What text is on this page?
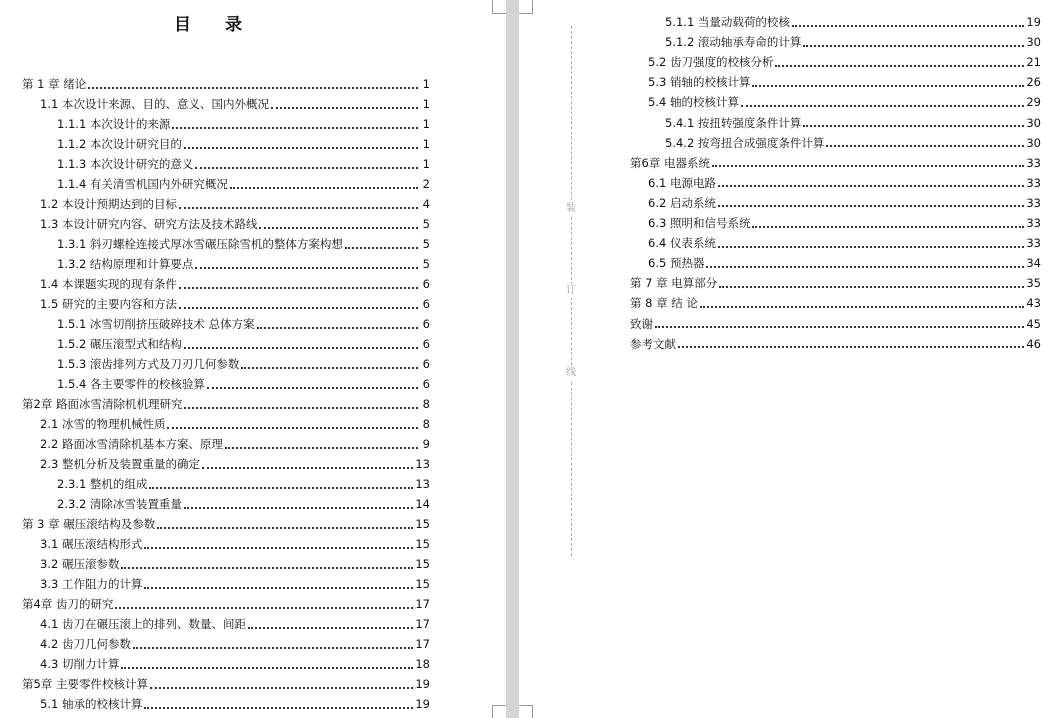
目 录
第 1 章 绪论	1
1.1 本次设计来源、目的、意义、国内外概况	1
1.1.1 本次设计的来源	1
1.1.2 本次设计研究目的	1
1.1.3 本次设计研究的意义	1
1.1.4 有关清雪机国内外研究概况	2
1.2 本设计预期达到的目标	4
1.3 本设计研究内容、研究方法及技术路线	5
1.3.1 斜刃螺栓连接式厚冰雪碾压除雪机的整体方案构想	5
1.3.2 结构原理和计算要点	5
1.4 本课题实现的现有条件	6
1.5 研究的主要内容和方法	6
1.5.1 冰雪切削挤压破碎技术 总体方案	6
1.5.2 碾压滚型式和结构	6
1.5.3 滚齿排列方式及刀刃几何参数	6
1.5.4 各主要零件的校核验算	6
第2章 路面冰雪清除机机理研究	8
2.1 冰雪的物理机械性质	8
2.2 路面冰雪清除机基本方案、原理	9
2.3 整机分析及装置重量的确定	13
2.3.1 整机的组成	13
2.3.2 清除冰雪装置重量	14
第 3 章 碾压滚结构及参数	15
3.1 碾压滚结构形式	15
3.2 碾压滚参数	15
3.3 工作阻力的计算	15
第4章 齿刀的研究	17
4.1 齿刀在碾压滚上的排列、数量、间距	17
4.2 齿刀几何参数	17
4.3 切削力计算	18
第5章 主要零件校核计算	19
5.1 轴承的校核计算	19
装
订
线
5.1.1 当量动载荷的校核	19
5.1.2 滚动轴承寿命的计算	30
5.2 齿刀强度的校核分析	21
5.3 销轴的校核计算	26
5.4 轴的校核计算	29
5.4.1 按扭转强度条件计算	30
5.4.2 按弯扭合成强度条件计算	30
第6章 电器系统	33
6.1 电源电路	33
6.2 启动系统	33
6.3 照明和信号系统	33
6.4 仪表系统	33
6.5 预热器	34
第 7 章 电算部分	35
第 8 章 结 论	43
致谢	45
参考文献	46
